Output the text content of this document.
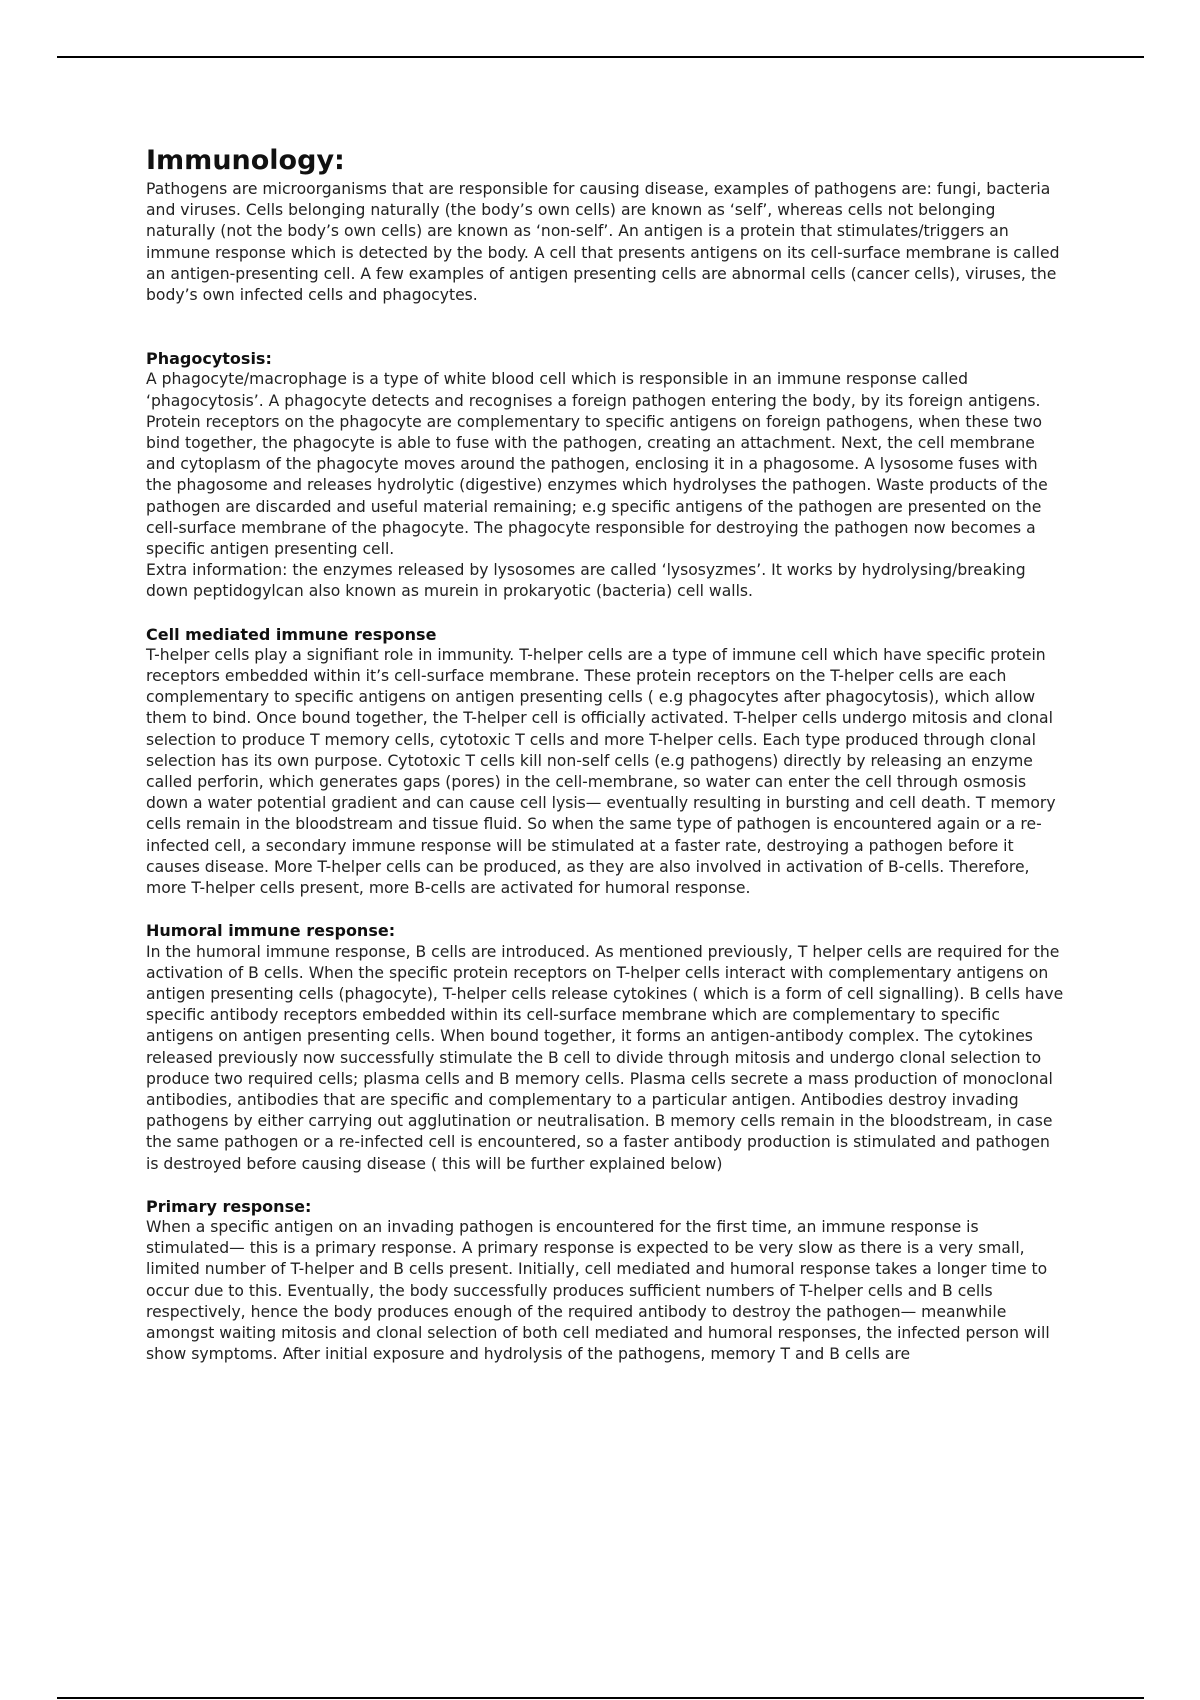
Immunology:

Pathogens are microorganisms that are responsible for causing disease, examples of pathogens are: fungi, bacteria and viruses. Cells belonging naturally (the body’s own cells) are known as ‘self’, whereas cells not belonging naturally (not the body’s own cells) are known as ‘non-self’. An antigen is a protein that stimulates/triggers an immune response which is detected by the body. A cell that presents antigens on its cell-surface membrane is called an antigen-presenting cell. A few examples of antigen presenting cells are abnormal cells (cancer cells), viruses, the body’s own infected cells and phagocytes.

Phagocytosis:

A phagocyte/macrophage is a type of white blood cell which is responsible in an immune response called ‘phagocytosis’. A phagocyte detects and recognises a foreign pathogen entering the body, by its foreign antigens. Protein receptors on the phagocyte are complementary to specific antigens on foreign pathogens, when these two bind together, the phagocyte is able to fuse with the pathogen, creating an attachment. Next, the cell membrane and cytoplasm of the phagocyte moves around the pathogen, enclosing it in a phagosome. A lysosome fuses with the phagosome and releases hydrolytic (digestive) enzymes which hydrolyses the pathogen. Waste products of the pathogen are discarded and useful material remaining; e.g specific antigens of the pathogen are presented on the cell-surface membrane of the phagocyte. The phagocyte responsible for destroying the pathogen now becomes a specific antigen presenting cell.

Extra information: the enzymes released by lysosomes are called ‘lysosyzmes’. It works by hydrolysing/breaking down peptidogylcan also known as murein in prokaryotic (bacteria) cell walls.

Cell mediated immune response

T-helper cells play a signifiant role in immunity. T-helper cells are a type of immune cell which have specific protein receptors embedded within it’s cell-surface membrane. These protein receptors on the T-helper cells are each complementary to specific antigens on antigen presenting cells ( e.g phagocytes after phagocytosis), which allow them to bind. Once bound together, the T-helper cell is officially activated. T-helper cells undergo mitosis and clonal selection to produce T memory cells, cytotoxic T cells and more T-helper cells. Each type produced through clonal selection has its own purpose. Cytotoxic T cells kill non-self cells (e.g pathogens) directly by releasing an enzyme called perforin, which generates gaps (pores) in the cell-membrane, so water can enter the cell through osmosis down a water potential gradient and can cause cell lysis— eventually resulting in bursting and cell death. T memory cells remain in the bloodstream and tissue fluid. So when the same type of pathogen is encountered again or a re-infected cell, a secondary immune response will be stimulated at a faster rate, destroying a pathogen before it causes disease. More T-helper cells can be produced, as they are also involved in activation of B-cells. Therefore, more T-helper cells present, more B-cells are activated for humoral response.

Humoral immune response:

In the humoral immune response, B cells are introduced. As mentioned previously, T helper cells are required for the activation of B cells. When the specific protein receptors on T-helper cells interact with complementary antigens on antigen presenting cells (phagocyte), T-helper cells release cytokines ( which is a form of cell signalling). B cells have specific antibody receptors embedded within its cell-surface membrane which are complementary to specific antigens on antigen presenting cells. When bound together, it forms an antigen-antibody complex. The cytokines released previously now successfully stimulate the B cell to divide through mitosis and undergo clonal selection to produce two required cells; plasma cells and B memory cells. Plasma cells secrete a mass production of monoclonal antibodies, antibodies that are specific and complementary to a particular antigen. Antibodies destroy invading pathogens by either carrying out agglutination or neutralisation. B memory cells remain in the bloodstream, in case the same pathogen or a re-infected cell is encountered, so a faster antibody production is stimulated and pathogen is destroyed before causing disease ( this will be further explained below)

Primary response:

When a specific antigen on an invading pathogen is encountered for the first time, an immune response is stimulated— this is a primary response. A primary response is expected to be very slow as there is a very small, limited number of T-helper and B cells present. Initially, cell mediated and humoral response takes a longer time to occur due to this. Eventually, the body successfully produces sufficient numbers of T-helper cells and B cells respectively, hence the body produces enough of the required antibody to destroy the pathogen— meanwhile amongst waiting mitosis and clonal selection of both cell mediated and humoral responses, the infected person will show symptoms. After initial exposure and hydrolysis of the pathogens, memory T and B cells are
